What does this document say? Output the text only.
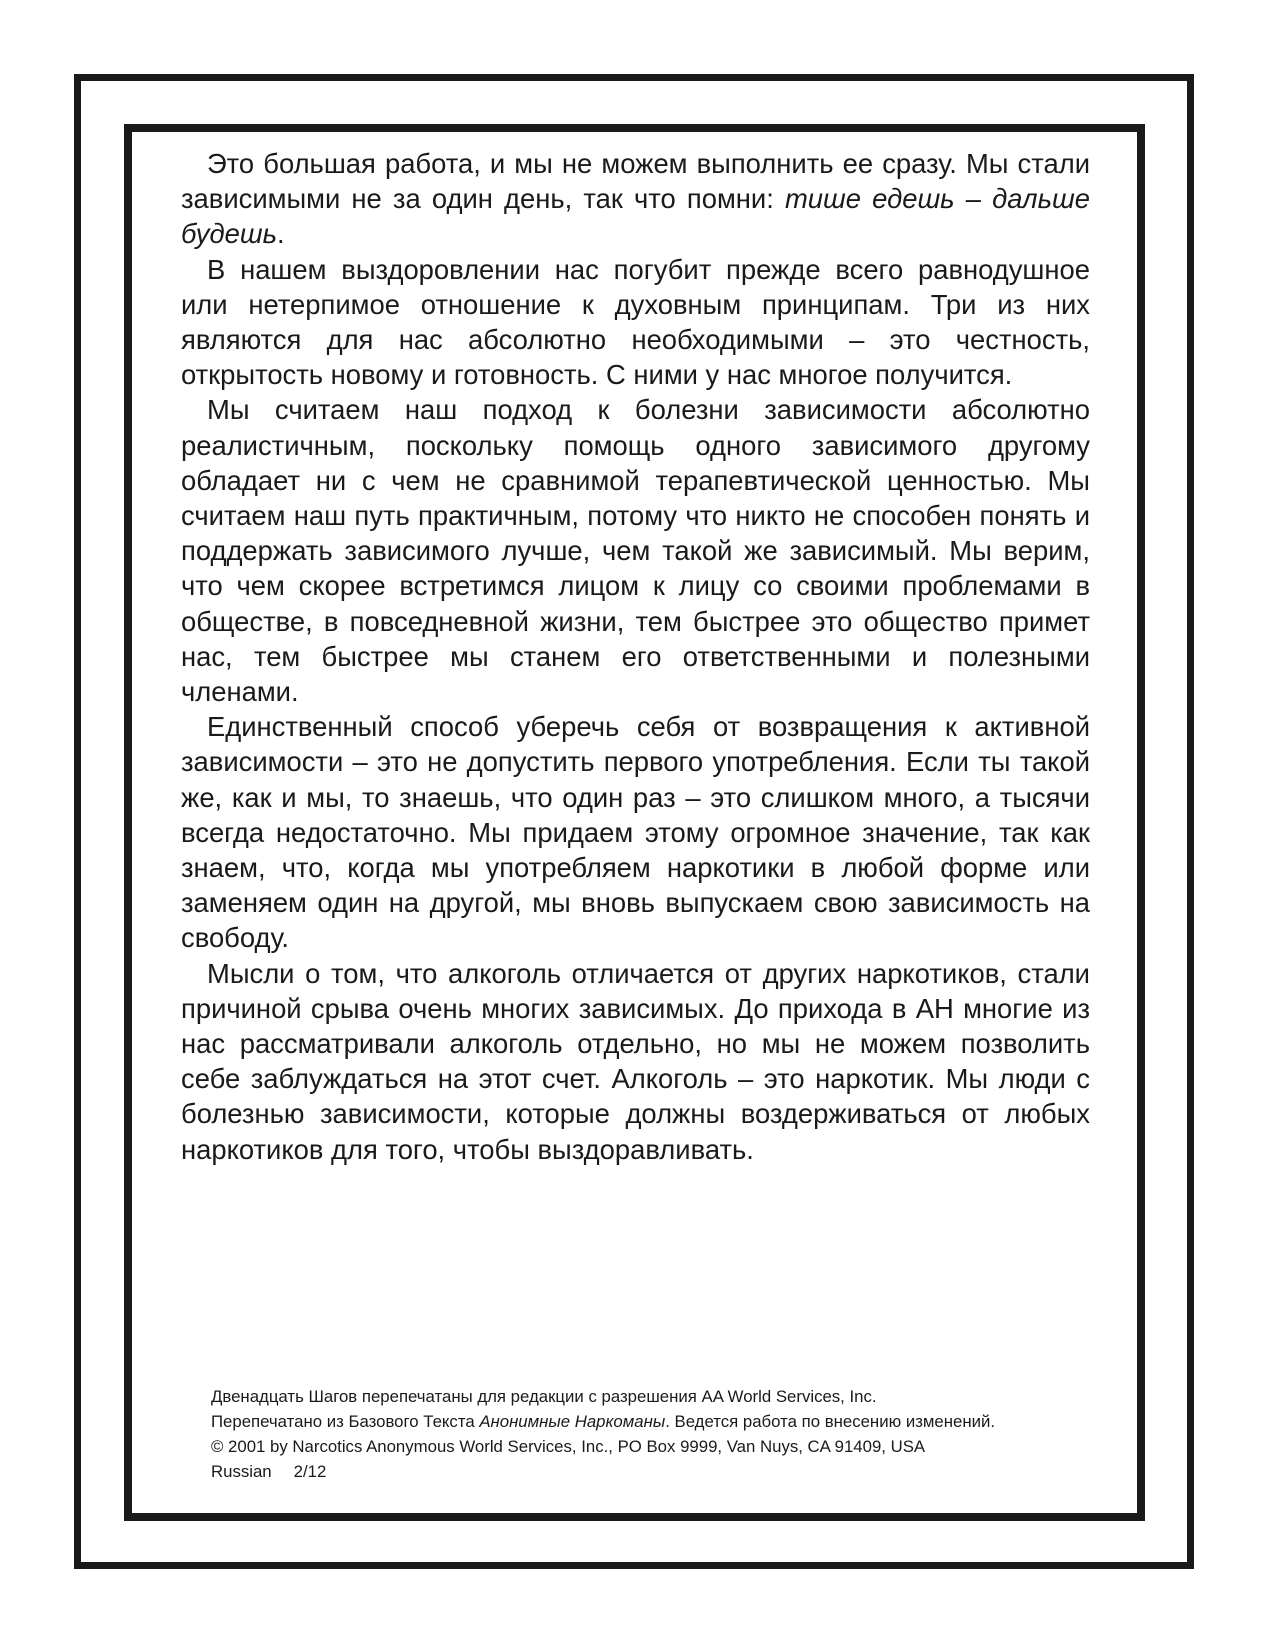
Это большая работа, и мы не можем выполнить ее сразу. Мы стали зависимыми не за один день, так что помни: тише едешь – дальше будешь.

В нашем выздоровлении нас погубит прежде всего равнодушное или нетерпимое отношение к духовным принципам. Три из них являются для нас абсолютно необходимыми – это честность, открытость новому и готовность. С ними у нас многое получится.

Мы считаем наш подход к болезни зависимости абсолютно реалистичным, поскольку помощь одного зависимого другому обладает ни с чем не сравнимой терапевтической ценностью. Мы считаем наш путь практичным, потому что никто не способен понять и поддержать зависимого лучше, чем такой же зависимый. Мы верим, что чем скорее встретимся лицом к лицу со своими проблемами в обществе, в повседневной жизни, тем быстрее это общество примет нас, тем быстрее мы станем его ответственными и полезными членами.

Единственный способ уберечь себя от возвращения к активной зависимости – это не допустить первого употребления. Если ты такой же, как и мы, то знаешь, что один раз – это слишком много, а тысячи всегда недостаточно. Мы придаем этому огромное значение, так как знаем, что, когда мы употребляем наркотики в любой форме или заменяем один на другой, мы вновь выпускаем свою зависимость на свободу.

Мысли о том, что алкоголь отличается от других наркотиков, стали причиной срыва очень многих зависимых. До прихода в АН многие из нас рассматривали алкоголь отдельно, но мы не можем позволить себе заблуждаться на этот счет. Алкоголь – это наркотик. Мы люди с болезнью зависимости, которые должны воздерживаться от любых наркотиков для того, чтобы выздоравливать.

Двенадцать Шагов перепечатаны для редакции с разрешения AA World Services, Inc.
Перепечатано из Базового Текста Анонимные Наркоманы. Ведется работа по внесению изменений.
© 2001 by Narcotics Anonymous World Services, Inc., PO Box 9999, Van Nuys, CA 91409, USA
Russian 2/12
